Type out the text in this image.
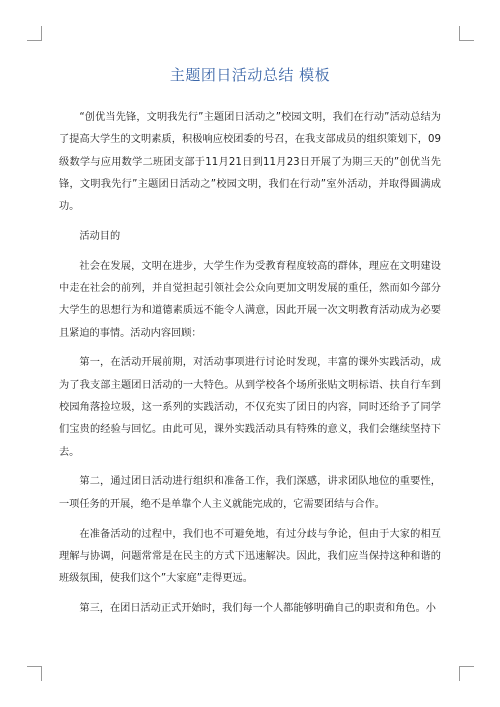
主题团日活动总结 模板

“创优当先锋，文明我先行”主题团日活动之”校园文明，我们在行动”活动总结为了提高大学生的文明素质，积极响应校团委的号召，在我支部成员的组织策划下，09级数学与应用数学二班团支部于11月21日到11月23日开展了为期三天的”创优当先锋，文明我先行”主题团日活动之”校园文明，我们在行动”室外活动，并取得圆满成功。

活动目的

社会在发展，文明在进步，大学生作为受教育程度较高的群体，理应在文明建设中走在社会的前列，并自觉担起引领社会公众向更加文明发展的重任，然而如今部分大学生的思想行为和道德素质远不能令人满意，因此开展一次文明教育活动成为必要且紧迫的事情。活动内容回顾：

第一，在活动开展前期，对活动事项进行讨论时发现，丰富的课外实践活动，成为了我支部主题团日活动的一大特色。从到学校各个场所张贴文明标语、扶自行车到校园角落捡垃圾，这一系列的实践活动，不仅充实了团日的内容，同时还给予了同学们宝贵的经验与回忆。由此可见，课外实践活动具有特殊的意义，我们会继续坚持下去。

第二，通过团日活动进行组织和准备工作，我们深感，讲求团队地位的重要性，一项任务的开展，绝不是单靠个人主义就能完成的，它需要团结与合作。

在准备活动的过程中，我们也不可避免地，有过分歧与争论，但由于大家的相互理解与协调，问题常常是在民主的方式下迅速解决。因此，我们应当保持这种和谐的班级氛围，使我们这个”大家庭”走得更远。

第三，在团日活动正式开始时，我们每一个人都能够明确自己的职责和角色。小
